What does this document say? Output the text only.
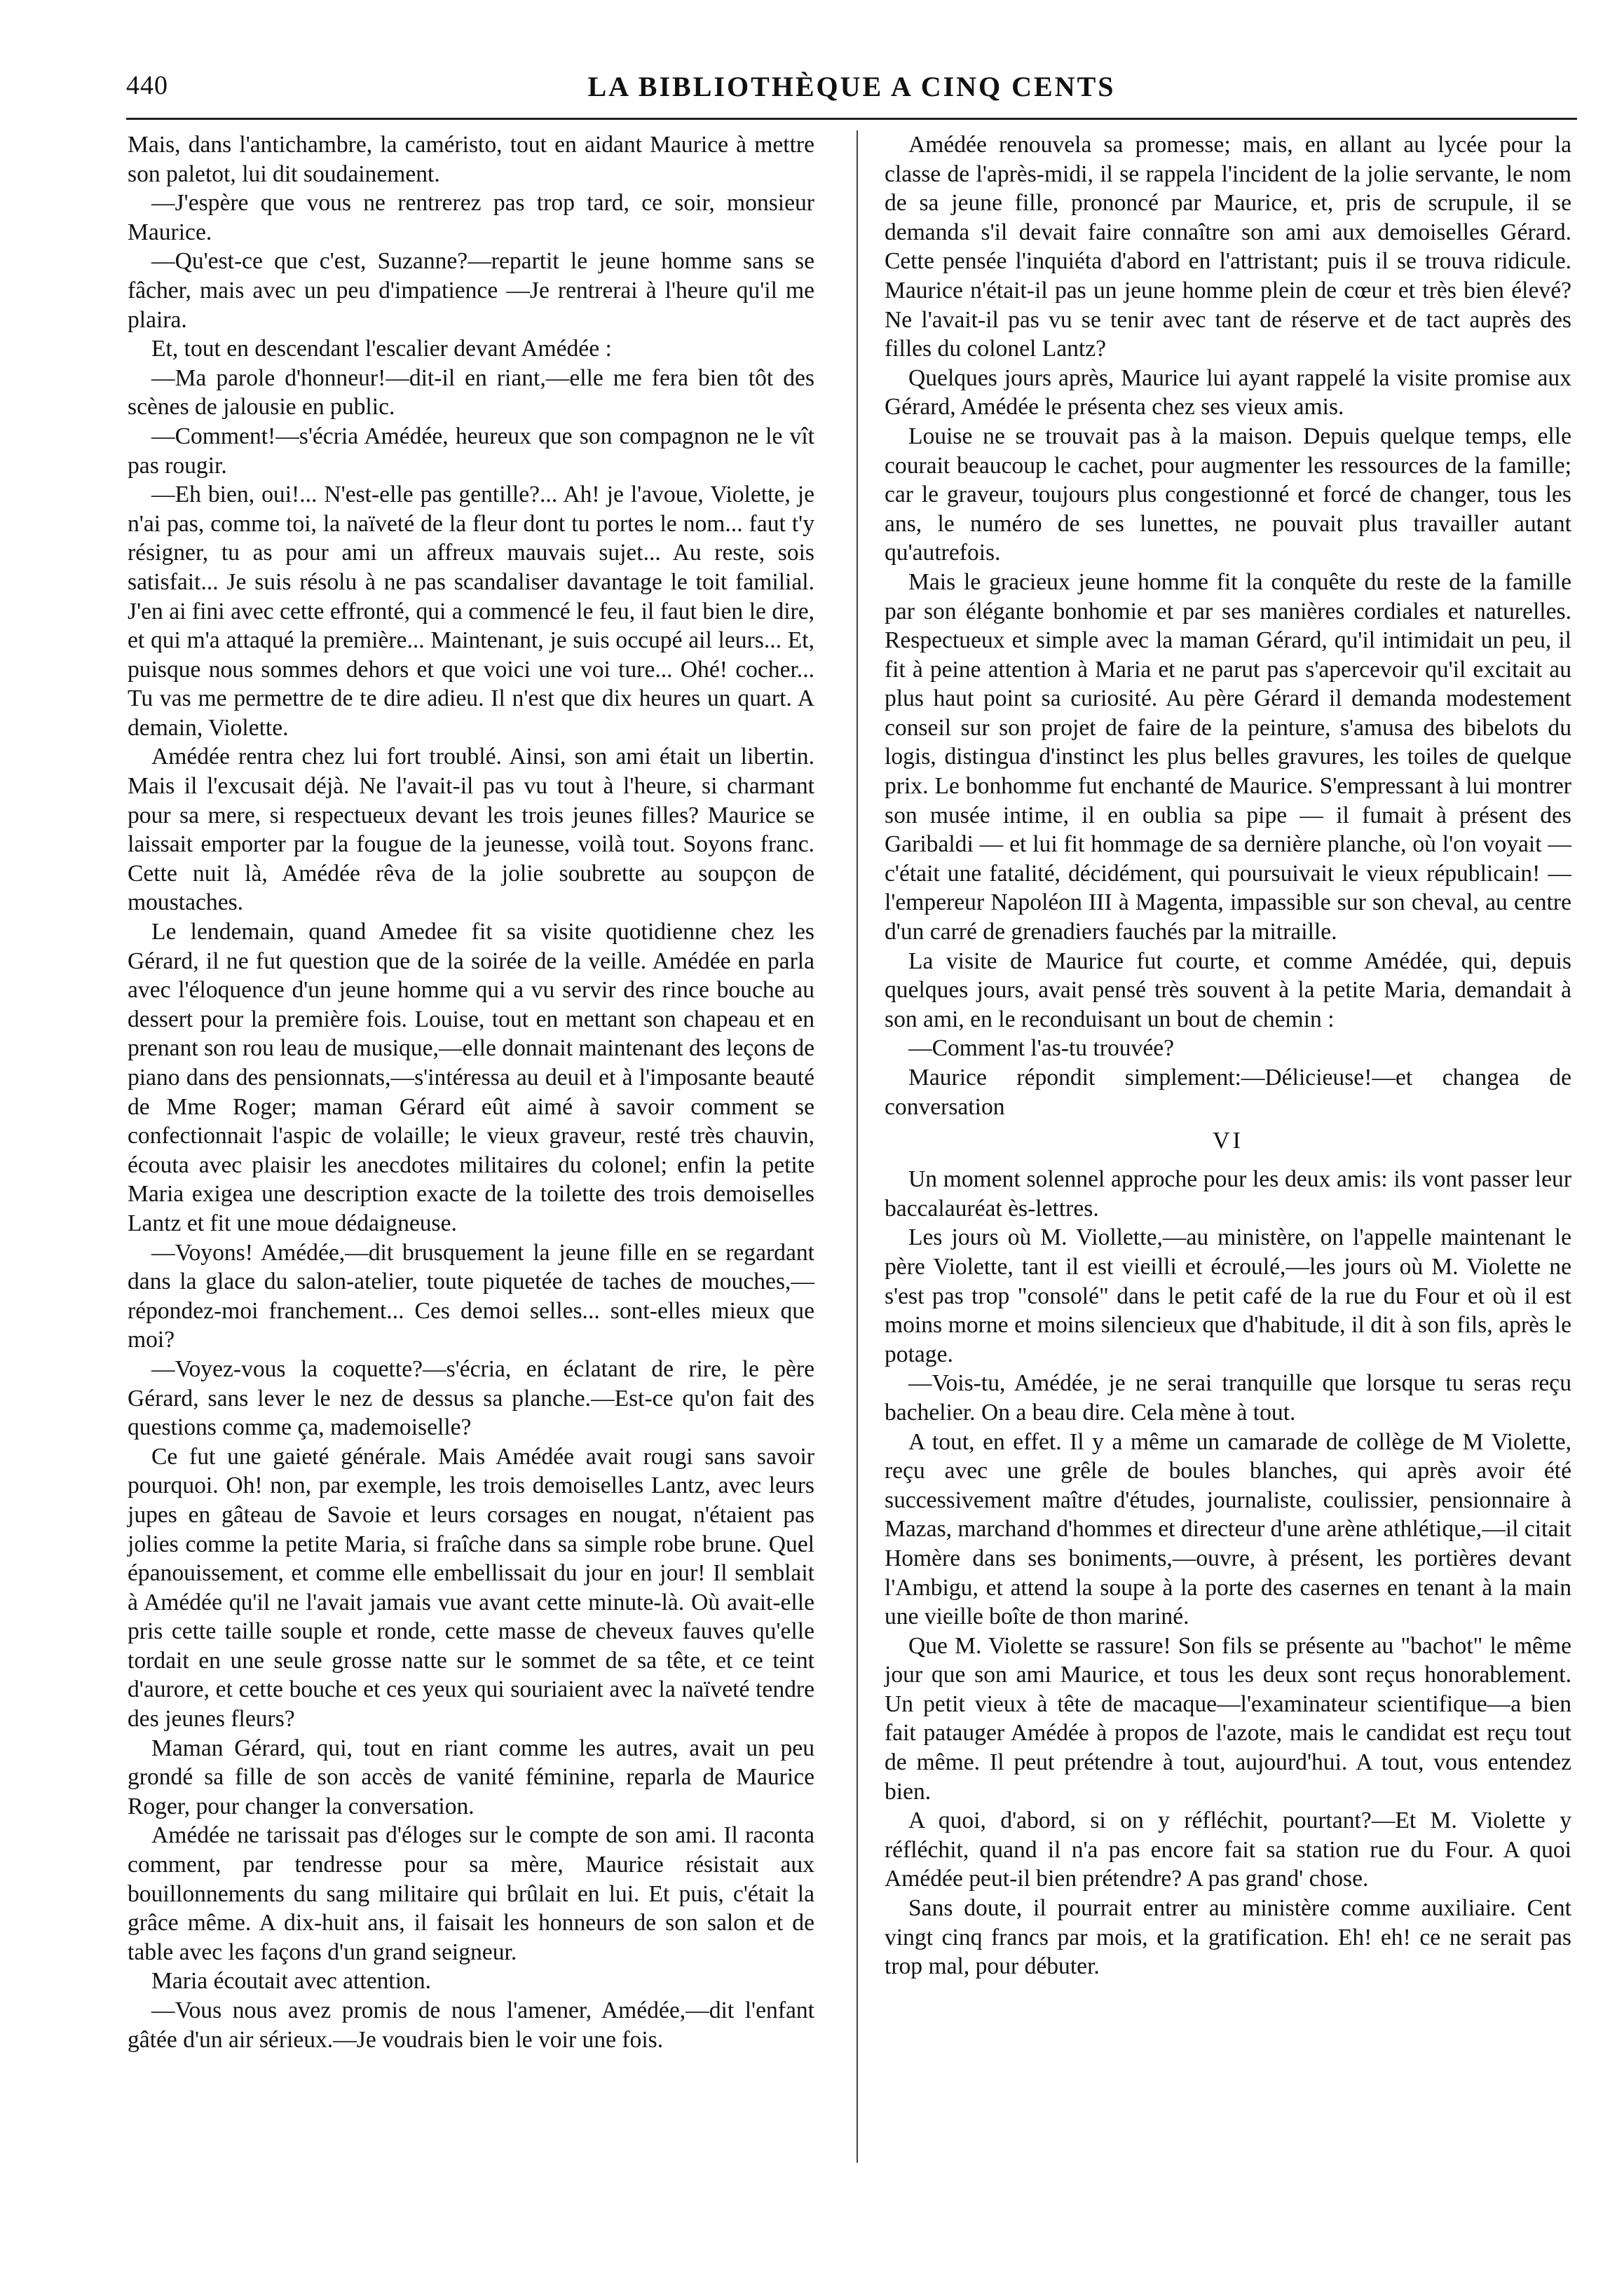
440	LA BIBLIOTHÈQUE A CINQ CENTS

Mais, dans l'antichambre, la caméristo, tout en aidant Maurice à mettre son paletot, lui dit soudainement.

—J'espère que vous ne rentrerez pas trop tard, ce soir, monsieur Maurice.

—Qu'est-ce que c'est, Suzanne?—repartit le jeune homme sans se fâcher, mais avec un peu d'impatience —Je rentrerai à l'heure qu'il me plaira.

Et, tout en descendant l'escalier devant Amédée :

—Ma parole d'honneur!—dit-il en riant,—elle me fera bien tôt des scènes de jalousie en public.

—Comment!—s'écria Amédée, heureux que son compagnon ne le vît pas rougir.

—Eh bien, oui!... N'est-elle pas gentille?... Ah! je l'avoue, Violette, je n'ai pas, comme toi, la naïveté de la fleur dont tu portes le nom... faut t'y résigner, tu as pour ami un affreux mauvais sujet... Au reste, sois satisfait... Je suis résolu à ne pas scandaliser davantage le toit familial. J'en ai fini avec cette effronté, qui a commencé le feu, il faut bien le dire, et qui m'a attaqué la première... Maintenant, je suis occupé ail leurs... Et, puisque nous sommes dehors et que voici une voi ture... Ohé! cocher... Tu vas me permettre de te dire adieu. Il n'est que dix heures un quart. A demain, Violette.

Amédée rentra chez lui fort troublé. Ainsi, son ami était un libertin. Mais il l'excusait déjà. Ne l'avait-il pas vu tout à l'heure, si charmant pour sa mere, si respectueux devant les trois jeunes filles? Maurice se laissait emporter par la fougue de la jeunesse, voilà tout. Soyons franc. Cette nuit là, Amédée rêva de la jolie soubrette au soupçon de moustaches.

Le lendemain, quand Amedee fit sa visite quotidienne chez les Gérard, il ne fut question que de la soirée de la veille. Amédée en parla avec l'éloquence d'un jeune homme qui a vu servir des rince bouche au dessert pour la première fois. Louise, tout en mettant son chapeau et en prenant son rou leau de musique,—elle donnait maintenant des leçons de piano dans des pensionnats,—s'intéressa au deuil et à l'imposante beauté de Mme Roger; maman Gérard eût aimé à savoir comment se confectionnait l'aspic de volaille; le vieux graveur, resté très chauvin, écouta avec plaisir les anecdotes militaires du colonel; enfin la petite Maria exigea une description exacte de la toilette des trois demoiselles Lantz et fit une moue dédaigneuse.

—Voyons! Amédée,—dit brusquement la jeune fille en se regardant dans la glace du salon-atelier, toute piquetée de taches de mouches,—répondez-moi franchement... Ces demoi selles... sont-elles mieux que moi?

—Voyez-vous la coquette?—s'écria, en éclatant de rire, le père Gérard, sans lever le nez de dessus sa planche.—Est-ce qu'on fait des questions comme ça, mademoiselle?

Ce fut une gaieté générale. Mais Amédée avait rougi sans savoir pourquoi. Oh! non, par exemple, les trois demoiselles Lantz, avec leurs jupes en gâteau de Savoie et leurs corsages en nougat, n'étaient pas jolies comme la petite Maria, si fraîche dans sa simple robe brune. Quel épanouissement, et comme elle embellissait du jour en jour! Il semblait à Amédée qu'il ne l'avait jamais vue avant cette minute-là. Où avait-elle pris cette taille souple et ronde, cette masse de cheveux fauves qu'elle tordait en une seule grosse natte sur le sommet de sa tête, et ce teint d'aurore, et cette bouche et ces yeux qui souriaient avec la naïveté tendre des jeunes fleurs?

Maman Gérard, qui, tout en riant comme les autres, avait un peu grondé sa fille de son accès de vanité féminine, reparla de Maurice Roger, pour changer la conversation.

Amédée ne tarissait pas d'éloges sur le compte de son ami. Il raconta comment, par tendresse pour sa mère, Maurice résistait aux bouillonnements du sang militaire qui brûlait en lui. Et puis, c'était la grâce même. A dix-huit ans, il faisait les honneurs de son salon et de table avec les façons d'un grand seigneur.

Maria écoutait avec attention.

—Vous nous avez promis de nous l'amener, Amédée,—dit l'enfant gâtée d'un air sérieux.—Je voudrais bien le voir une fois.

Amédée renouvela sa promesse; mais, en allant au lycée pour la classe de l'après-midi, il se rappela l'incident de la jolie servante, le nom de sa jeune fille, prononcé par Maurice, et, pris de scrupule, il se demanda s'il devait faire connaître son ami aux demoiselles Gérard. Cette pensée l'inquiéta d'abord en l'attristant; puis il se trouva ridicule. Maurice n'était-il pas un jeune homme plein de cœur et très bien élevé? Ne l'avait-il pas vu se tenir avec tant de réserve et de tact auprès des filles du colonel Lantz?

Quelques jours après, Maurice lui ayant rappelé la visite promise aux Gérard, Amédée le présenta chez ses vieux amis.

Louise ne se trouvait pas à la maison. Depuis quelque temps, elle courait beaucoup le cachet, pour augmenter les ressources de la famille; car le graveur, toujours plus congestionné et forcé de changer, tous les ans, le numéro de ses lunettes, ne pouvait plus travailler autant qu'autrefois.

Mais le gracieux jeune homme fit la conquête du reste de la famille par son élégante bonhomie et par ses manières cordiales et naturelles. Respectueux et simple avec la maman Gérard, qu'il intimidait un peu, il fit à peine attention à Maria et ne parut pas s'apercevoir qu'il excitait au plus haut point sa curiosité. Au père Gérard il demanda modestement conseil sur son projet de faire de la peinture, s'amusa des bibelots du logis, distingua d'instinct les plus belles gravures, les toiles de quelque prix. Le bonhomme fut enchanté de Maurice. S'empressant à lui montrer son musée intime, il en oublia sa pipe — il fumait à présent des Garibaldi — et lui fit hommage de sa dernière planche, où l'on voyait — c'était une fatalité, décidément, qui poursuivait le vieux républicain! — l'empereur Napoléon III à Magenta, impassible sur son cheval, au centre d'un carré de grenadiers fauchés par la mitraille.

La visite de Maurice fut courte, et comme Amédée, qui, depuis quelques jours, avait pensé très souvent à la petite Maria, demandait à son ami, en le reconduisant un bout de chemin :

—Comment l'as-tu trouvée?

Maurice répondit simplement:—Délicieuse!—et changea de conversation

VI

Un moment solennel approche pour les deux amis: ils vont passer leur baccalauréat ès-lettres.

Les jours où M. Viollette,—au ministère, on l'appelle maintenant le père Violette, tant il est vieilli et écroulé,—les jours où M. Violette ne s'est pas trop "consolé" dans le petit café de la rue du Four et où il est moins morne et moins silencieux que d'habitude, il dit à son fils, après le potage.

—Vois-tu, Amédée, je ne serai tranquille que lorsque tu seras reçu bachelier. On a beau dire. Cela mène à tout.

A tout, en effet. Il y a même un camarade de collège de M Violette, reçu avec une grêle de boules blanches, qui après avoir été successivement maître d'études, journaliste, coulissier, pensionnaire à Mazas, marchand d'hommes et directeur d'une arène athlétique,—il citait Homère dans ses boniments,—ouvre, à présent, les portières devant l'Ambigu, et attend la soupe à la porte des casernes en tenant à la main une vieille boîte de thon mariné.

Que M. Violette se rassure! Son fils se présente au "bachot" le même jour que son ami Maurice, et tous les deux sont reçus honorablement. Un petit vieux à tête de macaque—l'examinateur scientifique—a bien fait patauger Amédée à propos de l'azote, mais le candidat est reçu tout de même. Il peut prétendre à tout, aujourd'hui. A tout, vous entendez bien.

A quoi, d'abord, si on y réfléchit, pourtant?—Et M. Violette y réfléchit, quand il n'a pas encore fait sa station rue du Four. A quoi Amédée peut-il bien prétendre? A pas grand' chose.

Sans doute, il pourrait entrer au ministère comme auxiliaire. Cent vingt cinq francs par mois, et la gratification. Eh! eh! ce ne serait pas trop mal, pour débuter.
